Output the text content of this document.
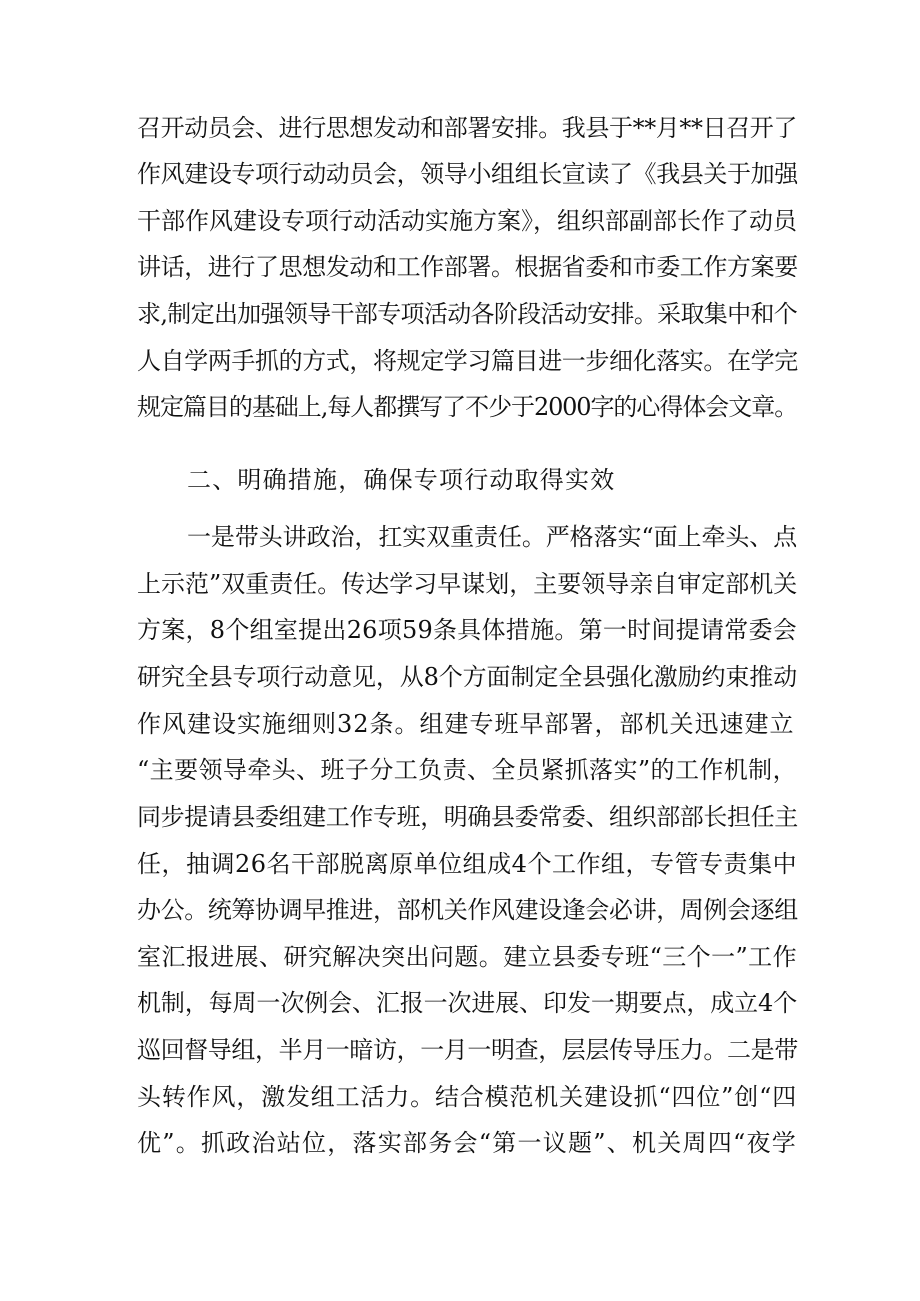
召开动员会、进行思想发动和部署安排。我县于**月**日召开了

作风建设专项行动动员会，领导小组组长宣读了《我县关于加强

干部作风建设专项行动活动实施方案》，组织部副部长作了动员

讲话，进行了思想发动和工作部署。根据省委和市委工作方案要

求,制定出加强领导干部专项活动各阶段活动安排。采取集中和个

人自学两手抓的方式，将规定学习篇目进一步细化落实。在学完

规定篇目的基础上,每人都撰写了不少于2000字的心得体会文章。

二、明确措施，确保专项行动取得实效

一是带头讲政治，扛实双重责任。严格落实“面上牵头、点

上示范”双重责任。传达学习早谋划，主要领导亲自审定部机关

方案，8个组室提出26项59条具体措施。第一时间提请常委会

研究全县专项行动意见，从8个方面制定全县强化激励约束推动

作风建设实施细则32条。组建专班早部署，部机关迅速建立

“主要领导牵头、班子分工负责、全员紧抓落实”的工作机制，

同步提请县委组建工作专班，明确县委常委、组织部部长担任主

任，抽调26名干部脱离原单位组成4个工作组，专管专责集中

办公。统筹协调早推进，部机关作风建设逢会必讲，周例会逐组

室汇报进展、研究解决突出问题。建立县委专班“三个一”工作

机制，每周一次例会、汇报一次进展、印发一期要点，成立4个

巡回督导组，半月一暗访，一月一明查，层层传导压力。二是带

头转作风，激发组工活力。结合模范机关建设抓“四位”创“四

优”。抓政治站位，落实部务会“第一议题”、机关周四“夜学
